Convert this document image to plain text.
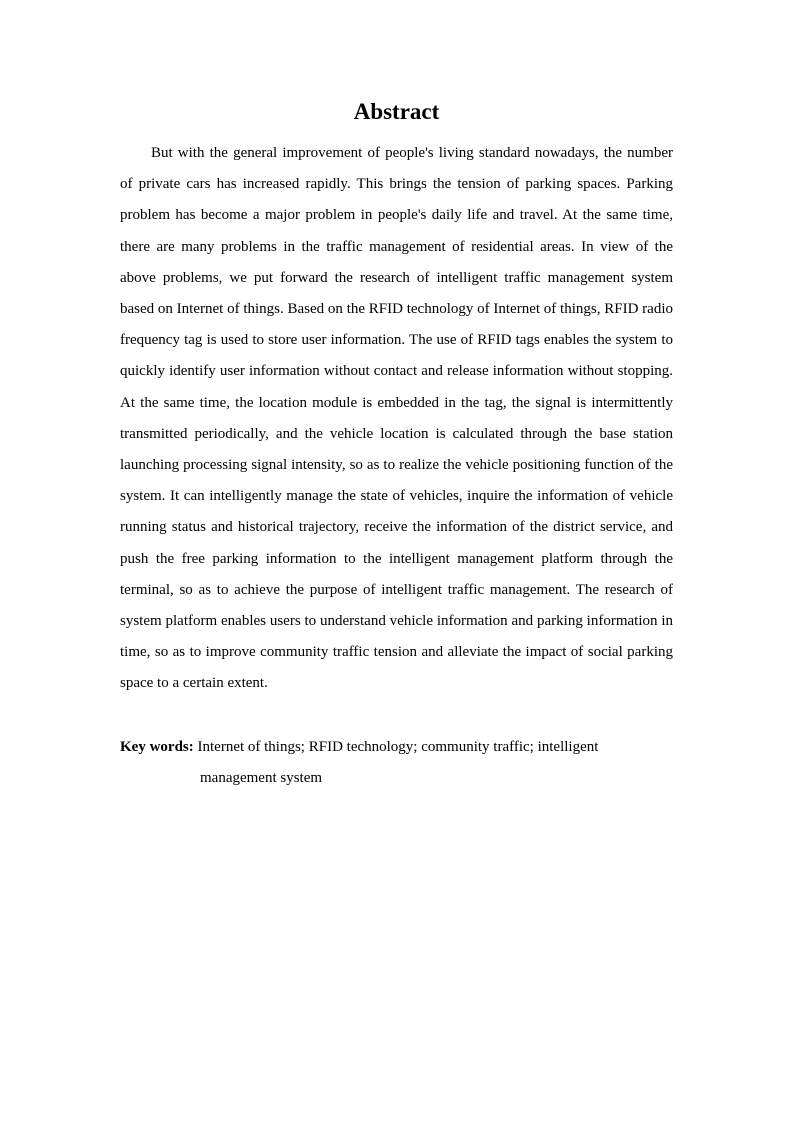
Abstract

But with the general improvement of people's living standard nowadays, the number of private cars has increased rapidly. This brings the tension of parking spaces. Parking problem has become a major problem in people's daily life and travel. At the same time, there are many problems in the traffic management of residential areas. In view of the above problems, we put forward the research of intelligent traffic management system based on Internet of things. Based on the RFID technology of Internet of things, RFID radio frequency tag is used to store user information. The use of RFID tags enables the system to quickly identify user information without contact and release information without stopping. At the same time, the location module is embedded in the tag, the signal is intermittently transmitted periodically, and the vehicle location is calculated through the base station launching processing signal intensity, so as to realize the vehicle positioning function of the system. It can intelligently manage the state of vehicles, inquire the information of vehicle running status and historical trajectory, receive the information of the district service, and push the free parking information to the intelligent management platform through the terminal, so as to achieve the purpose of intelligent traffic management. The research of system platform enables users to understand vehicle information and parking information in time, so as to improve community traffic tension and alleviate the impact of social parking space to a certain extent.

Key words: Internet of things; RFID technology; community traffic; intelligent management system
